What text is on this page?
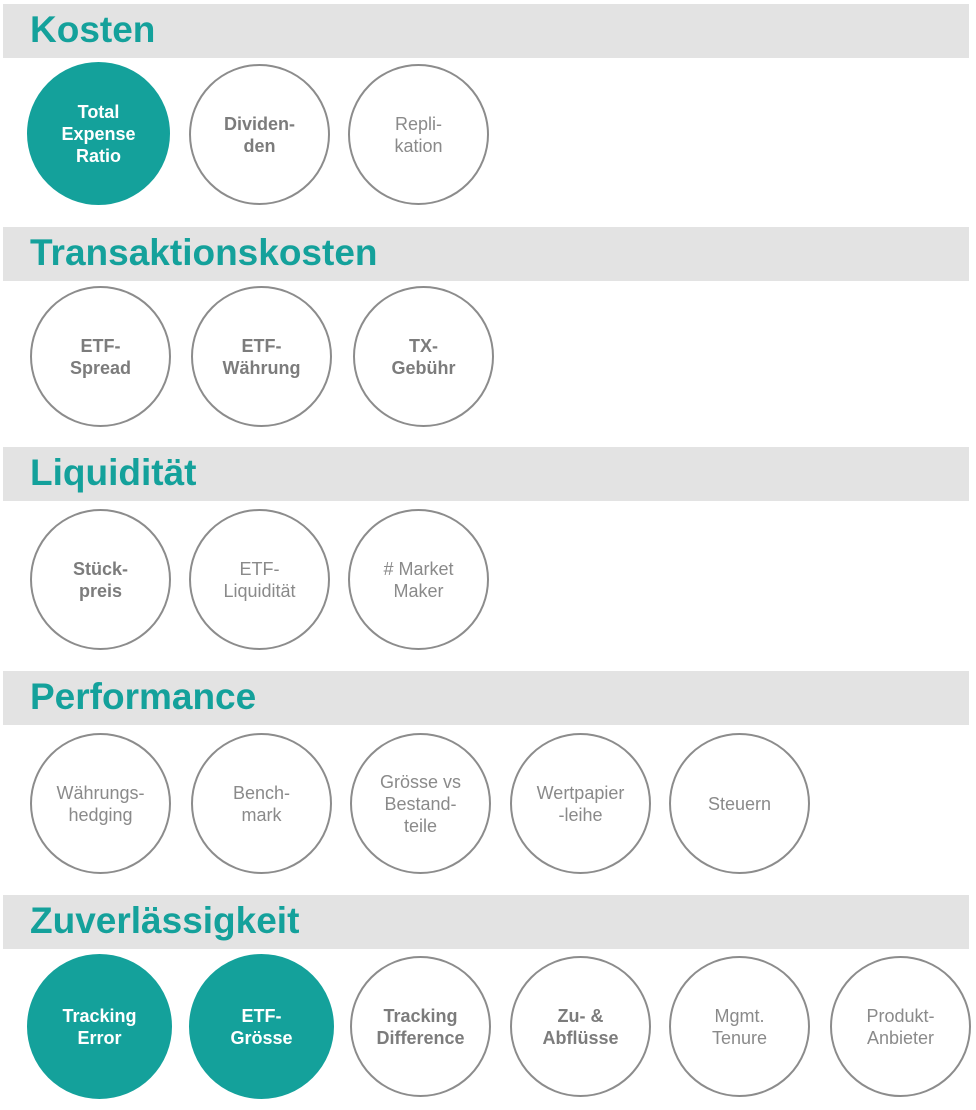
Kosten
Transaktionskosten
Liquidität
Performance
Zuverlässigkeit
Total
Expense
Ratio
Dividen-
den
Repli-
kation
ETF-
Spread
ETF-
Währung
TX-
Gebühr
Stück-
preis
ETF-
Liquidität
# Market
Maker
Währungs-
hedging
Bench-
mark
Grösse vs
Bestand-
teile
Wertpapier
-leihe
Steuern
Tracking
Error
ETF-
Grösse
Tracking
Difference
Zu- &
Abflüsse
Mgmt.
Tenure
Produkt-
Anbieter
